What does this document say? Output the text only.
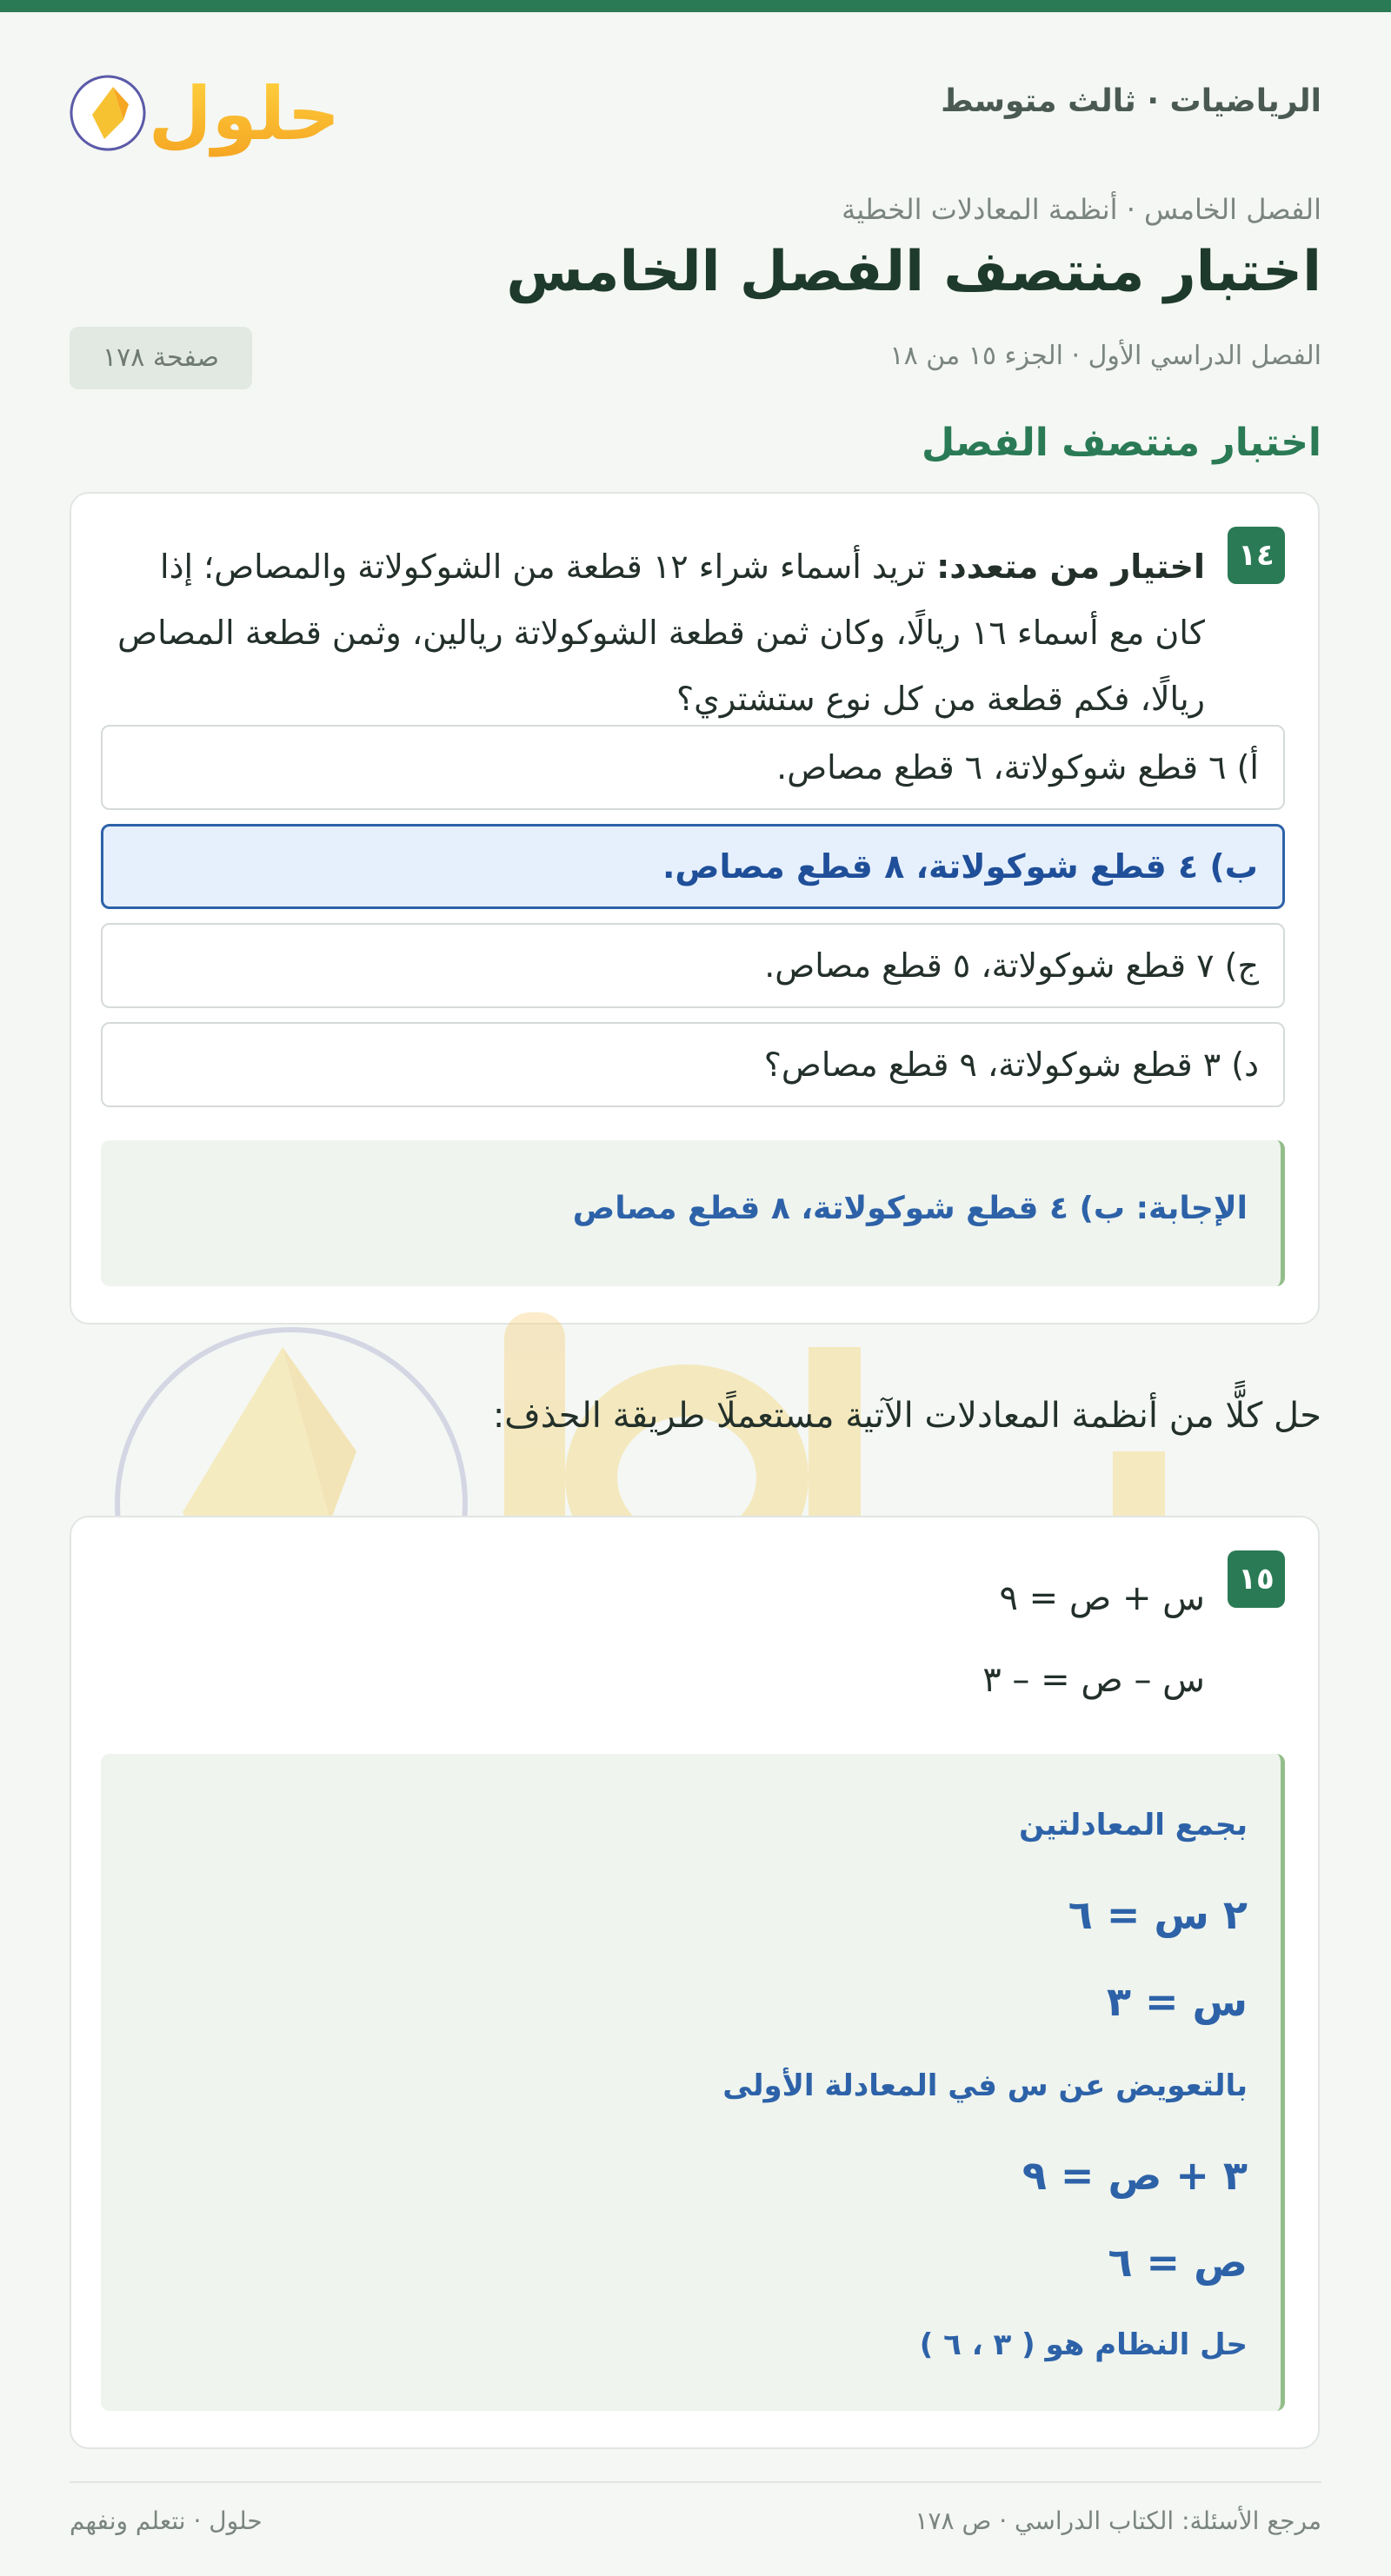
الرياضيات · ثالث متوسط
حلول
الفصل الخامس · أنظمة المعادلات الخطية
اختبار منتصف الفصل الخامس
الفصل الدراسي الأول · الجزء ١٥ من ١٨
صفحة ١٧٨
اختبار منتصف الفصل
١٤
اختيار من متعدد: تريد أسماء شراء ١٢ قطعة من الشوكولاتة والمصاص؛ إذا كان مع أسماء ١٦ ريالًا، وكان ثمن قطعة الشوكولاتة ريالين، وثمن قطعة المصاص ريالًا، فكم قطعة من كل نوع ستشتري؟
أ) ٦ قطع شوكولاتة، ٦ قطع مصاص.
ب) ٤ قطع شوكولاتة، ٨ قطع مصاص.
ج) ٧ قطع شوكولاتة، ٥ قطع مصاص.
د) ٣ قطع شوكولاتة، ٩ قطع مصاص؟
الإجابة: ب) ٤ قطع شوكولاتة، ٨ قطع مصاص
حل كلًّا من أنظمة المعادلات الآتية مستعملًا طريقة الحذف:
١٥
س + ص = ٩
س – ص = – ٣
بجمع المعادلتين
٢ س = ٦
س = ٣
بالتعويض عن س في المعادلة الأولى
٣ + ص = ٩
ص = ٦
حل النظام هو ( ٣ ، ٦ )
مرجع الأسئلة: الكتاب الدراسي · ص ١٧٨
حلول · نتعلم ونفهم
